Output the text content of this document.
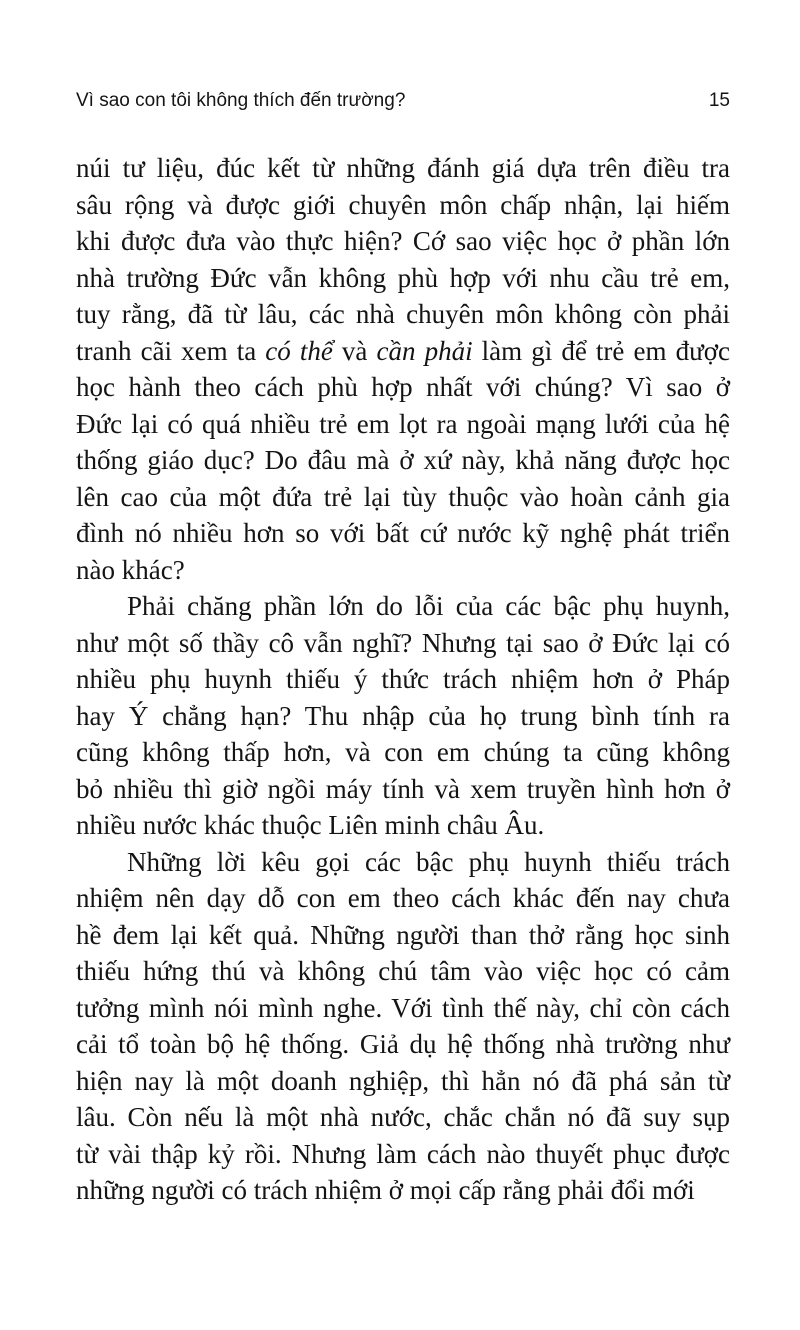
Vì sao con tôi không thích đến trường?	15
núi tư liệu, đúc kết từ những đánh giá dựa trên điều tra
sâu rộng và được giới chuyên môn chấp nhận, lại hiếm
khi được đưa vào thực hiện? Cớ sao việc học ở phần lớn
nhà trường Đức vẫn không phù hợp với nhu cầu trẻ em,
tuy rằng, đã từ lâu, các nhà chuyên môn không còn phải
tranh cãi xem ta có thể và cần phải làm gì để trẻ em được
học hành theo cách phù hợp nhất với chúng? Vì sao ở
Đức lại có quá nhiều trẻ em lọt ra ngoài mạng lưới của hệ
thống giáo dục? Do đâu mà ở xứ này, khả năng được học
lên cao của một đứa trẻ lại tùy thuộc vào hoàn cảnh gia
đình nó nhiều hơn so với bất cứ nước kỹ nghệ phát triển
nào khác?
Phải chăng phần lớn do lỗi của các bậc phụ huynh,
như một số thầy cô vẫn nghĩ? Nhưng tại sao ở Đức lại có
nhiều phụ huynh thiếu ý thức trách nhiệm hơn ở Pháp
hay Ý chẳng hạn? Thu nhập của họ trung bình tính ra
cũng không thấp hơn, và con em chúng ta cũng không
bỏ nhiều thì giờ ngồi máy tính và xem truyền hình hơn ở
nhiều nước khác thuộc Liên minh châu Âu.
Những lời kêu gọi các bậc phụ huynh thiếu trách
nhiệm nên dạy dỗ con em theo cách khác đến nay chưa
hề đem lại kết quả. Những người than thở rằng học sinh
thiếu hứng thú và không chú tâm vào việc học có cảm
tưởng mình nói mình nghe. Với tình thế này, chỉ còn cách
cải tổ toàn bộ hệ thống. Giả dụ hệ thống nhà trường như
hiện nay là một doanh nghiệp, thì hẳn nó đã phá sản từ
lâu. Còn nếu là một nhà nước, chắc chắn nó đã suy sụp
từ vài thập kỷ rồi. Nhưng làm cách nào thuyết phục được
những người có trách nhiệm ở mọi cấp rằng phải đổi mới
